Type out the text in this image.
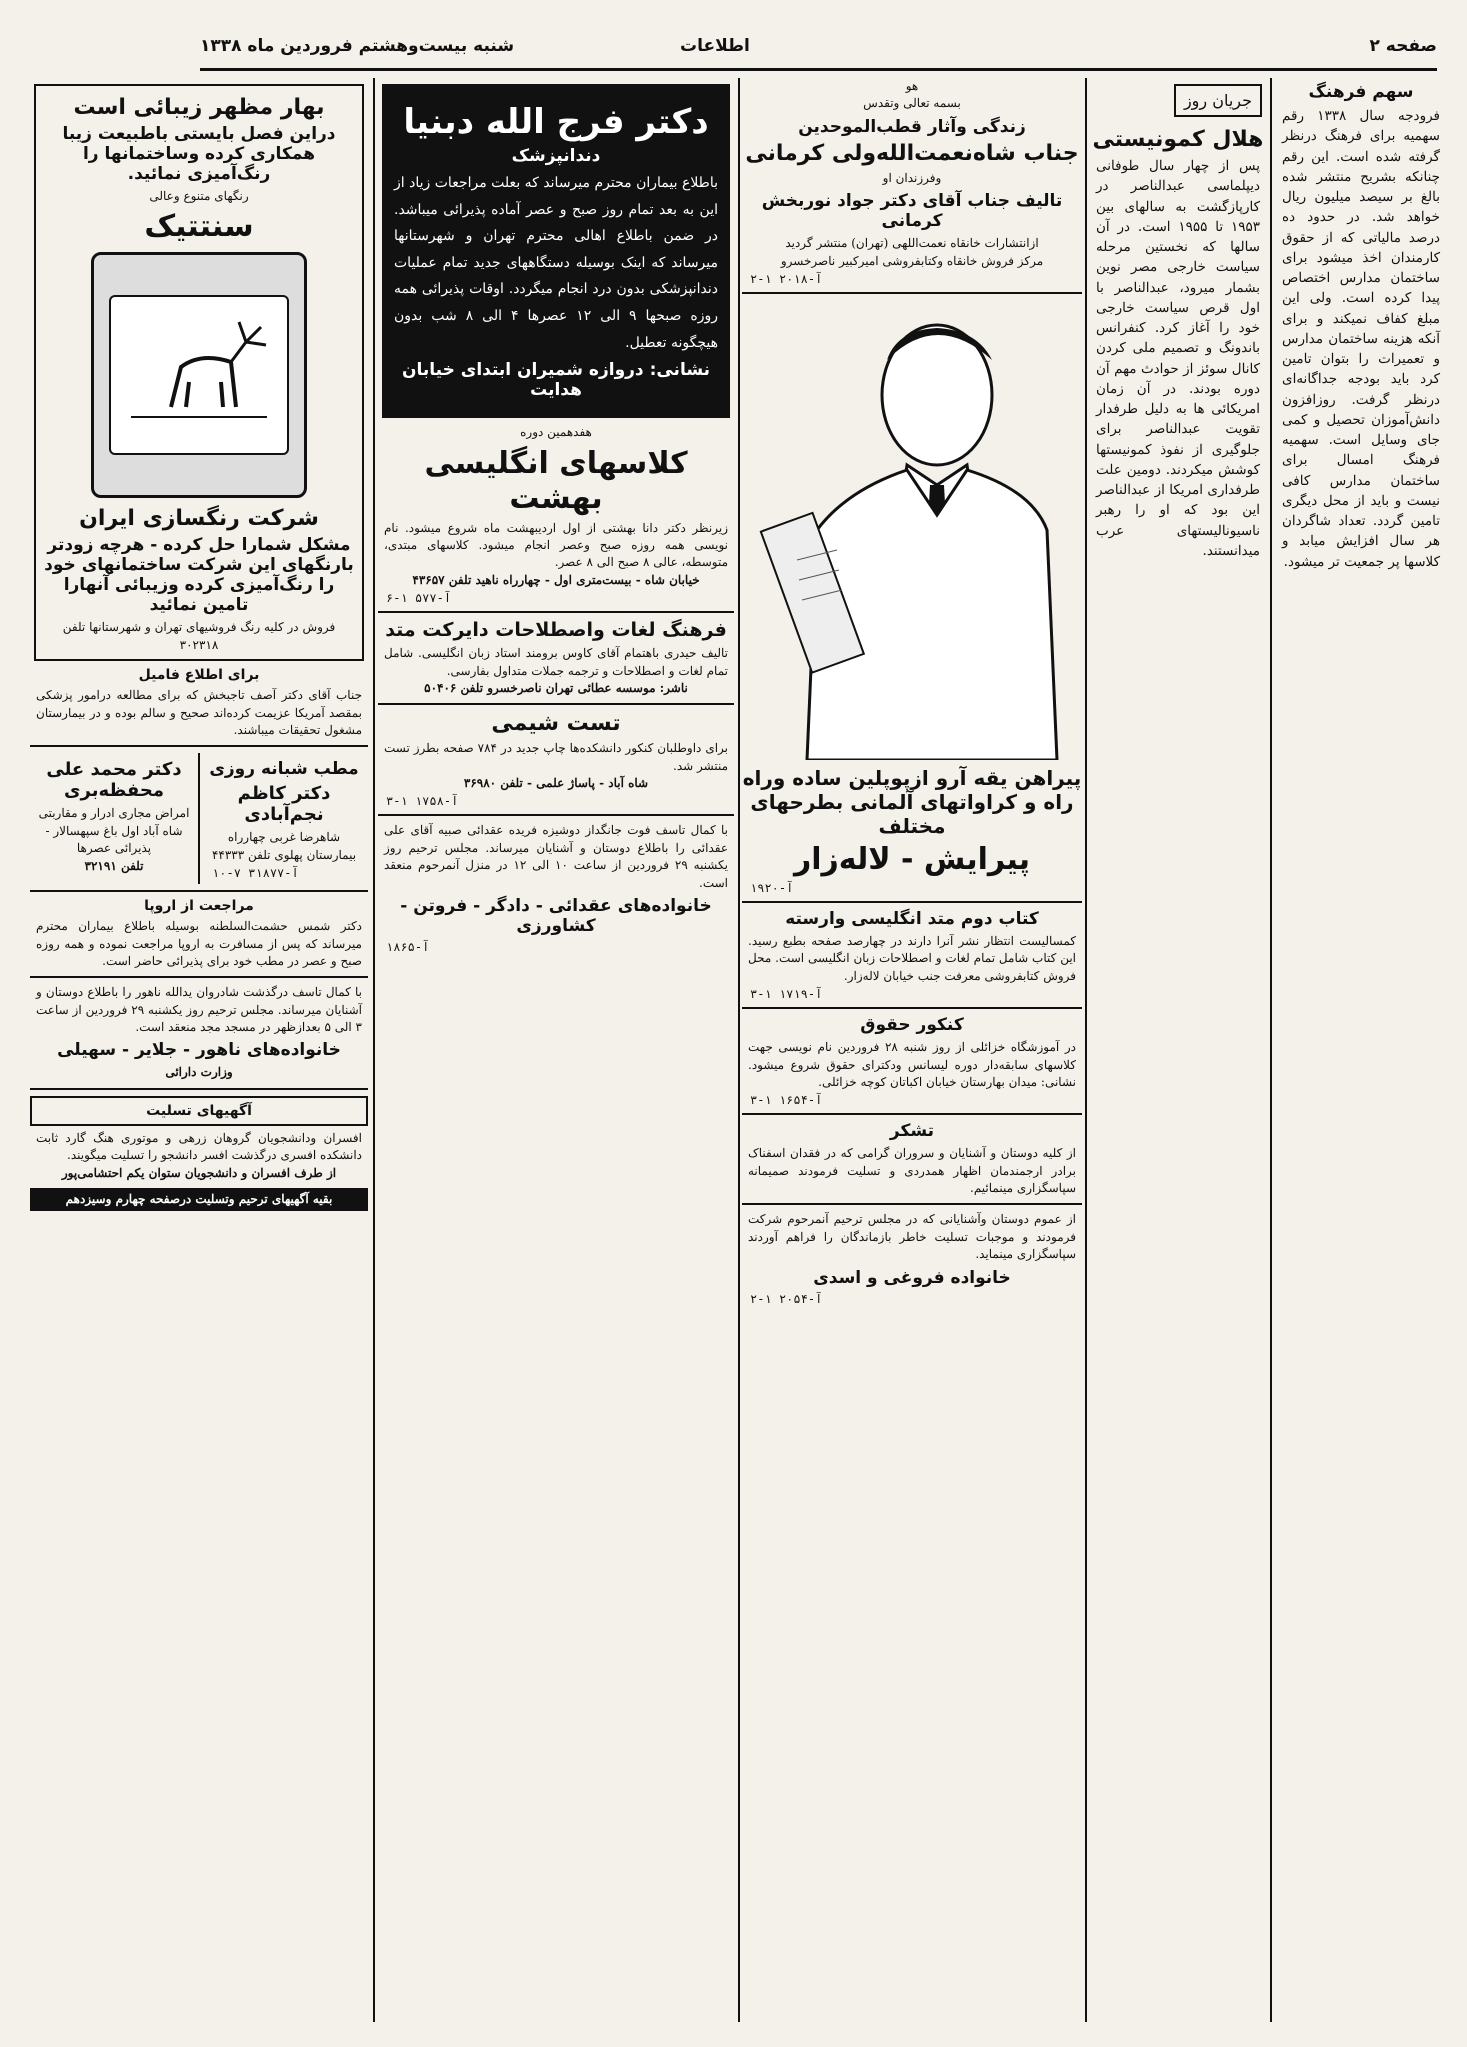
صفحه ۲
اطلاعات
شنبه بیست‌وهشتم فروردین ماه ۱۳۳۸
سهم فرهنگ
فرودجه سال ۱۳۳۸ رقم سهمیه برای فرهنگ درنظر گرفته شده است. این رقم چنانکه بشریح منتشر شده بالغ بر سیصد میلیون ریال خواهد شد. در حدود ده درصد مالیاتی که از حقوق کارمندان اخذ میشود برای ساختمان مدارس اختصاص پیدا کرده است. ولی این مبلغ کفاف نمیکند و برای آنکه هزینه ساختمان مدارس و تعمیرات را بتوان تامین کرد باید بودجه جداگانه‌ای درنظر گرفت. روزافزون دانش‌آموزان تحصیل و کمی جای وسایل است. سهمیه فرهنگ امسال برای ساختمان مدارس کافی نیست و باید از محل دیگری تامین گردد. تعداد شاگردان هر سال افزایش میابد و کلاسها پر جمعیت تر میشود.
جریان روز
هلال کمونیستی
پس از چهار سال طوفانی دیپلماسی عبدالناصر در کارپازگشت به سالهای بین ۱۹۵۳ تا ۱۹۵۵ است. در آن سالها که نخستین مرحله سیاست خارجی مصر نوین بشمار میرود، عبدالناصر با اول قرص سیاست خارجی خود را آغاز کرد. کنفرانس باندونگ و تصمیم ملی کردن کانال سوئز از حوادث مهم آن دوره بودند. در آن زمان امریکائی ها به دلیل طرفدار تقویت عبدالناصر برای جلوگیری از نفوذ کمونیستها کوشش میکردند. دومین علت طرفداری امریکا از عبدالناصر این بود که او را رهبر ناسیونالیستهای عرب میدانستند.
هو
بسمه تعالی وتقدس
زندگی وآثار قطب‌الموحدین
جناب شاه‌نعمت‌الله‌ولی کرمانی
وفرزندان او
تالیف جناب آقای دکتر جواد نوربخش کرمانی
ازانتشارات خانقاه نعمت‌اللهی (تهران) منتشر گردید
مرکز فروش خانقاه وکتابفروشی امیرکبیر ناصرخسرو
آ-۲۰۱۸ ۱-۲
پیراهن یقه آرو ازپوپلین ساده وراه راه و کراواتهای آلمانی بطرحهای مختلف
پیرایش - لاله‌زار
آ-۱۹۲۰
کتاب دوم متد انگلیسی وارسته
کمسالیست انتظار نشر آنرا دارند در چهارصد صفحه بطبع رسید. این کتاب شامل تمام لغات و اصطلاحات زبان انگلیسی است. محل فروش کتابفروشی معرفت جنب خیابان لاله‌زار.
آ-۱۷۱۹ ۱-۳
کنکور حقوق
در آموزشگاه خزائلی از روز شنبه ۲۸ فروردین نام نویسی جهت کلاسهای سابقه‌دار دوره لیسانس ودکترای حقوق شروع میشود. نشانی: میدان بهارستان خیابان اکباتان کوچه خزائلی.
آ-۱۶۵۴ ۱-۳
تشکر
از کلیه دوستان و آشنایان و سروران گرامی که در فقدان اسفناک برادر ارجمندمان اظهار همدردی و تسلیت فرمودند صمیمانه سپاسگزاری مینمائیم.
از عموم دوستان وآشنایانی که در مجلس ترحیم آنمرحوم شرکت فرمودند و موجبات تسلیت خاطر بازماندگان را فراهم آوردند سپاسگزاری مینماید.
خانواده فروغی و اسدی
آ-۲۰۵۴ ۱-۲
دکتر فرج الله دبنیا
دندانپزشک
باطلاع بیماران محترم میرساند که بعلت مراجعات زیاد از این به بعد تمام روز صبح و عصر آماده پذیرائی میباشد. در ضمن باطلاع اهالی محترم تهران و شهرستانها میرساند که اینک بوسیله دستگاههای جدید تمام عملیات دندانپزشکی بدون درد انجام میگردد. اوقات پذیرائی همه روزه صبحها ۹ الی ۱۲ عصرها ۴ الی ۸ شب بدون هیچگونه تعطیل.
نشانی: دروازه شمیران ابتدای خیابان هدایت
هفدهمین دوره
کلاسهای انگلیسی بهشت
زیرنظر دکتر دانا بهشتی از اول اردیبهشت ماه شروع میشود. نام نویسی همه روزه صبح وعصر انجام میشود. کلاسهای مبتدی، متوسطه، عالی ۸ صبح الی ۸ عصر.
خیابان شاه - بیست‌متری اول - چهارراه ناهید تلفن ۴۳۶۵۷
آ-۵۷۷ ۱-۶
فرهنگ لغات واصطلاحات دایرکت متد
تالیف حیدری باهتمام آقای کاوس برومند استاد زبان انگلیسی. شامل تمام لغات و اصطلاحات و ترجمه جملات متداول بفارسی.
ناشر: موسسه عطائی تهران ناصرخسرو تلفن ۵۰۴۰۶
تست شیمی
برای داوطلبان کنکور دانشکده‌ها چاپ جدید در ۷۸۴ صفحه بطرز تست منتشر شد.
شاه آباد - پاساژ علمی - تلفن ۳۶۹۸۰
آ-۱۷۵۸ ۱-۳
با کمال تاسف فوت جانگداز دوشیزه فریده عقدائی صبیه آقای علی عقدائی را باطلاع دوستان و آشنایان میرساند. مجلس ترحیم روز یکشنبه ۲۹ فروردین از ساعت ۱۰ الی ۱۲ در منزل آنمرحوم منعقد است.
خانواده‌های عقدائی - دادگر - فروتن - کشاورزی
آ-۱۸۶۵
بهار مظهر زیبائی است
دراین فصل بایستی باطبیعت زیبا همکاری کرده وساختمانها را رنگ‌آمیزی نمائید.
رنگهای متنوع وعالی
سنتتیک
شرکت رنگسازی ایران
مشکل شمارا حل کرده - هرچه زودتر بارنگهای این شرکت ساختمانهای خود را رنگ‌آمیزی کرده وزیبائی آنهارا تامین نمائید
فروش در کلیه رنگ فروشیهای تهران و شهرستانها تلفن ۳۰۲۳۱۸
برای اطلاع فامیل
جناب آقای دکتر آصف تاجبخش که برای مطالعه درامور پزشکی بمقصد آمریکا عزیمت کرده‌اند صحیح و سالم بوده و در بیمارستان مشغول تحقیقات میباشند.
مطب شبانه روزی
دکتر کاظم نجم‌آبادی
شاهرضا غربی چهارراه بیمارستان پهلوی تلفن ۴۴۳۳۳
آ-۳۱۸۷۷ ۷-۱۰
دکتر محمد علی محفظه‌بری
امراض مجاری ادرار و مقاربتی شاه آباد اول باغ سپهسالار - پذیرائی عصرها
تلفن ۳۲۱۹۱
مراجعت از اروپا
دکتر شمس حشمت‌السلطنه بوسیله باطلاع بیماران محترم میرساند که پس از مسافرت به اروپا مراجعت نموده و همه روزه صبح و عصر در مطب خود برای پذیرائی حاضر است.
با کمال تاسف درگذشت شادروان یدالله ناهور را باطلاع دوستان و آشنایان میرساند. مجلس ترحیم روز یکشنبه ۲۹ فروردین از ساعت ۳ الی ۵ بعدازظهر در مسجد مجد منعقد است.
خانواده‌های ناهور - جلایر - سهیلی
وزارت دارائی
آگهیهای تسلیت
افسران ودانشجویان گروهان زرهی و موتوری هنگ گارد ثابت دانشکده افسری درگذشت افسر دانشجو را تسلیت میگویند.
از طرف افسران و دانشجویان ستوان یکم احتشامی‌پور
بقیه آگهیهای ترحیم وتسلیت درصفحه چهارم وسیزدهم
